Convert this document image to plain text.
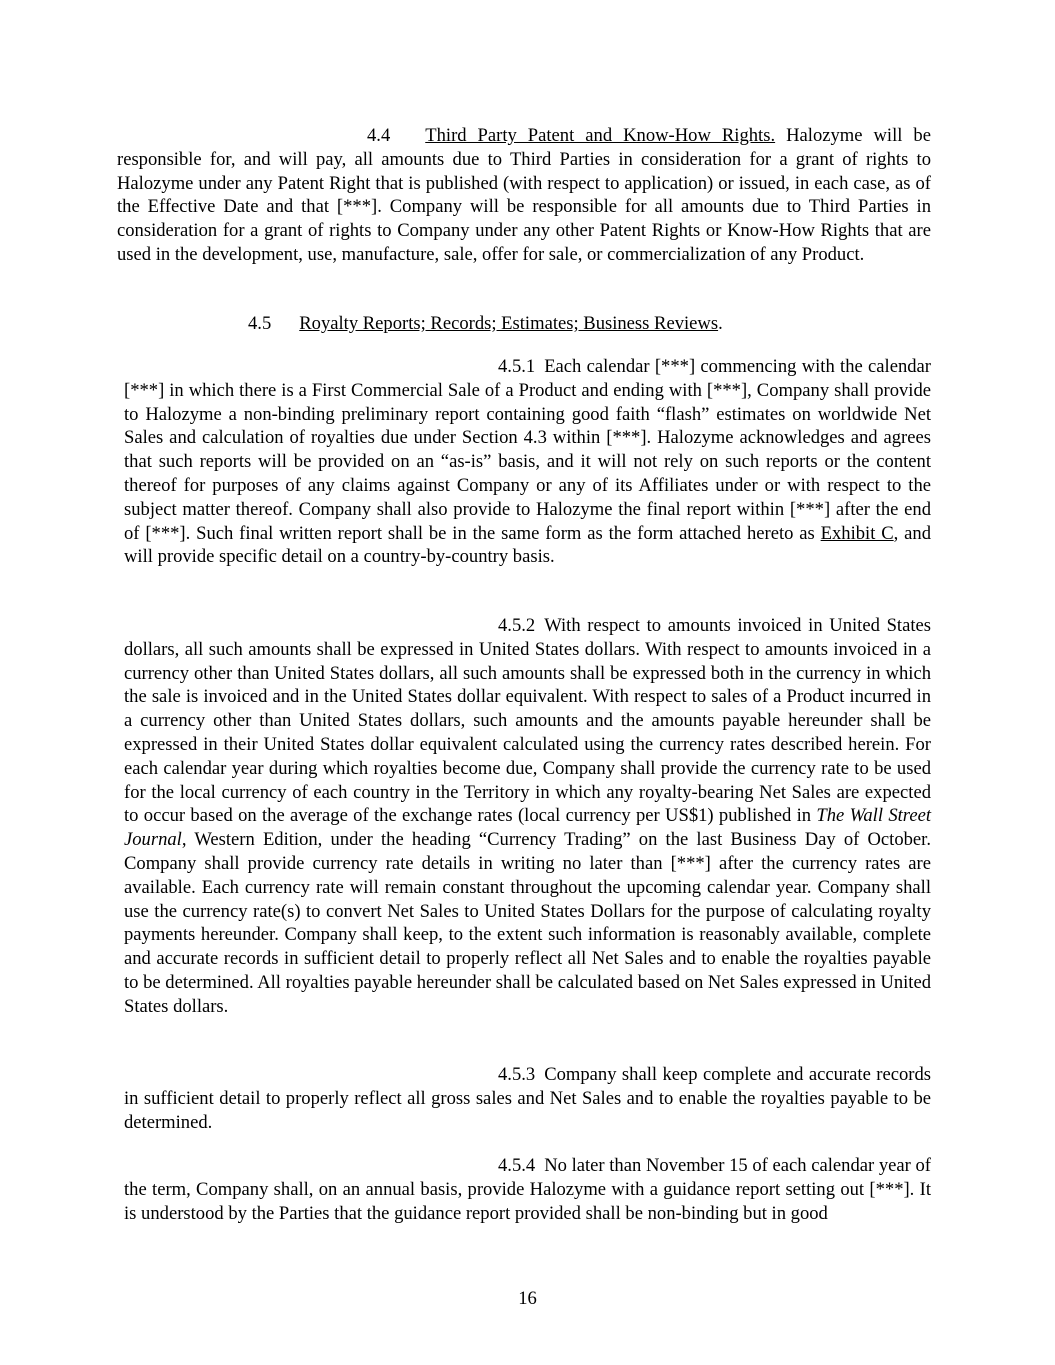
4.4 Third Party Patent and Know-How Rights. Halozyme will be responsible for, and will pay, all amounts due to Third Parties in consideration for a grant of rights to Halozyme under any Patent Right that is published (with respect to application) or issued, in each case, as of the Effective Date and that [***]. Company will be responsible for all amounts due to Third Parties in consideration for a grant of rights to Company under any other Patent Rights or Know-How Rights that are used in the development, use, manufacture, sale, offer for sale, or commercialization of any Product.

4.5 Royalty Reports; Records; Estimates; Business Reviews.

4.5.1 Each calendar [***] commencing with the calendar [***] in which there is a First Commercial Sale of a Product and ending with [***], Company shall provide to Halozyme a non-binding preliminary report containing good faith “flash” estimates on worldwide Net Sales and calculation of royalties due under Section 4.3 within [***]. Halozyme acknowledges and agrees that such reports will be provided on an “as-is” basis, and it will not rely on such reports or the content thereof for purposes of any claims against Company or any of its Affiliates under or with respect to the subject matter thereof. Company shall also provide to Halozyme the final report within [***] after the end of [***]. Such final written report shall be in the same form as the form attached hereto as Exhibit C, and will provide specific detail on a country-by-country basis.

4.5.2 With respect to amounts invoiced in United States dollars, all such amounts shall be expressed in United States dollars. With respect to amounts invoiced in a currency other than United States dollars, all such amounts shall be expressed both in the currency in which the sale is invoiced and in the United States dollar equivalent. With respect to sales of a Product incurred in a currency other than United States dollars, such amounts and the amounts payable hereunder shall be expressed in their United States dollar equivalent calculated using the currency rates described herein. For each calendar year during which royalties become due, Company shall provide the currency rate to be used for the local currency of each country in the Territory in which any royalty-bearing Net Sales are expected to occur based on the average of the exchange rates (local currency per US$1) published in The Wall Street Journal, Western Edition, under the heading “Currency Trading” on the last Business Day of October. Company shall provide currency rate details in writing no later than [***] after the currency rates are available. Each currency rate will remain constant throughout the upcoming calendar year. Company shall use the currency rate(s) to convert Net Sales to United States Dollars for the purpose of calculating royalty payments hereunder. Company shall keep, to the extent such information is reasonably available, complete and accurate records in sufficient detail to properly reflect all Net Sales and to enable the royalties payable to be determined. All royalties payable hereunder shall be calculated based on Net Sales expressed in United States dollars.

4.5.3 Company shall keep complete and accurate records in sufficient detail to properly reflect all gross sales and Net Sales and to enable the royalties payable to be determined.

4.5.4 No later than November 15 of each calendar year of the term, Company shall, on an annual basis, provide Halozyme with a guidance report setting out [***]. It is understood by the Parties that the guidance report provided shall be non-binding but in good

16
